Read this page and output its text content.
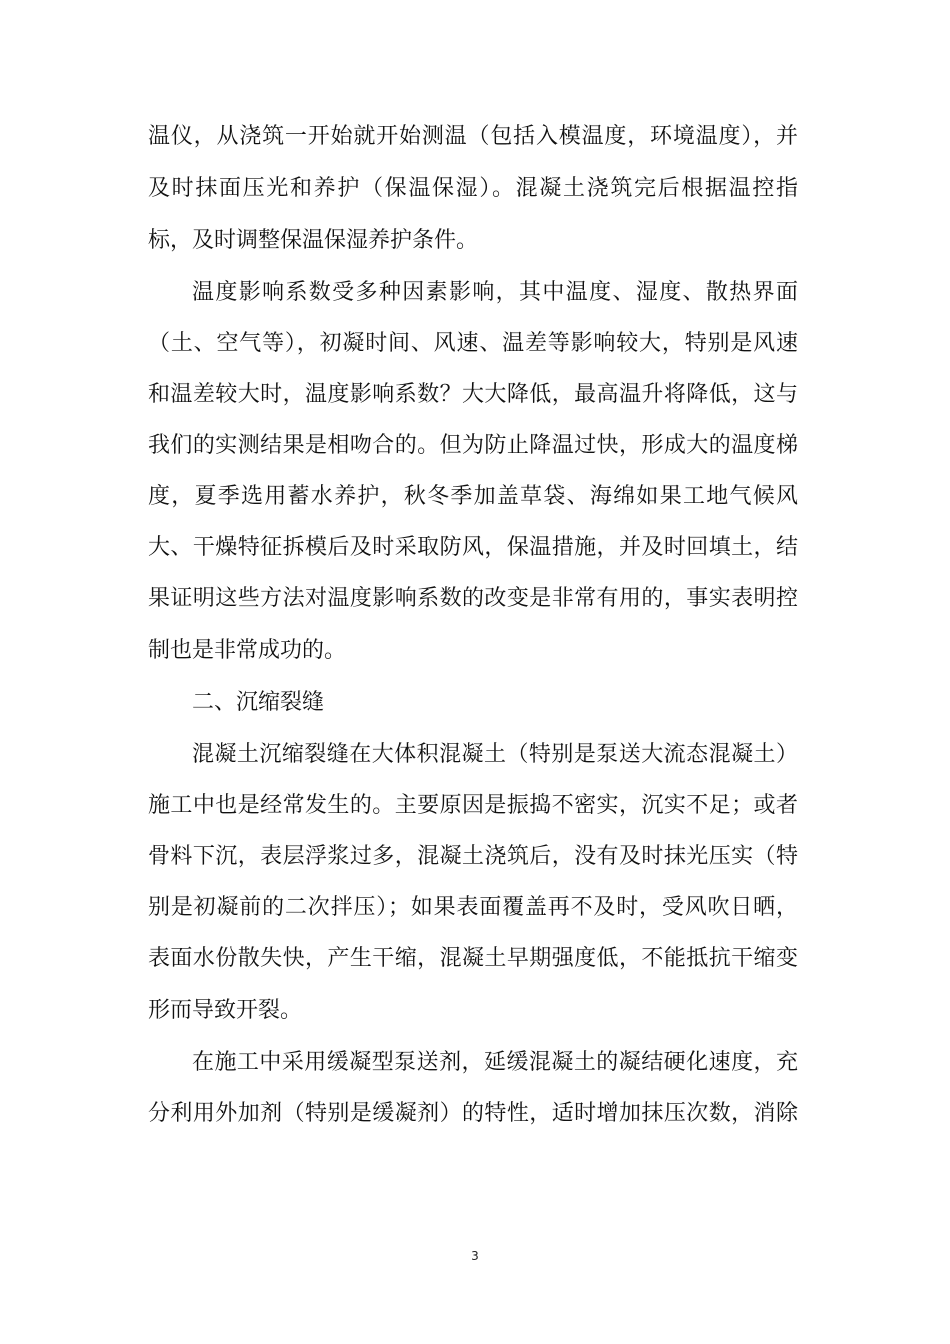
温仪，从浇筑一开始就开始测温（包括入模温度，环境温度），并
及时抹面压光和养护（保温保湿）。混凝土浇筑完后根据温控指
标，及时调整保温保湿养护条件。
温度影响系数受多种因素影响，其中温度、湿度、散热界面
（土、空气等），初凝时间、风速、温差等影响较大，特别是风速
和温差较大时，温度影响系数？大大降低，最高温升将降低，这与
我们的实测结果是相吻合的。但为防止降温过快，形成大的温度梯
度，夏季选用蓄水养护，秋冬季加盖草袋、海绵如果工地气候风
大、干燥特征拆模后及时采取防风，保温措施，并及时回填土，结
果证明这些方法对温度影响系数的改变是非常有用的，事实表明控
制也是非常成功的。
二、沉缩裂缝
混凝土沉缩裂缝在大体积混凝土（特别是泵送大流态混凝土）
施工中也是经常发生的。主要原因是振捣不密实，沉实不足；或者
骨料下沉，表层浮浆过多，混凝土浇筑后，没有及时抹光压实（特
别是初凝前的二次拌压）；如果表面覆盖再不及时，受风吹日晒，
表面水份散失快，产生干缩，混凝土早期强度低，不能抵抗干缩变
形而导致开裂。
在施工中采用缓凝型泵送剂，延缓混凝土的凝结硬化速度，充
分利用外加剂（特别是缓凝剂）的特性，适时增加抹压次数，消除
3
